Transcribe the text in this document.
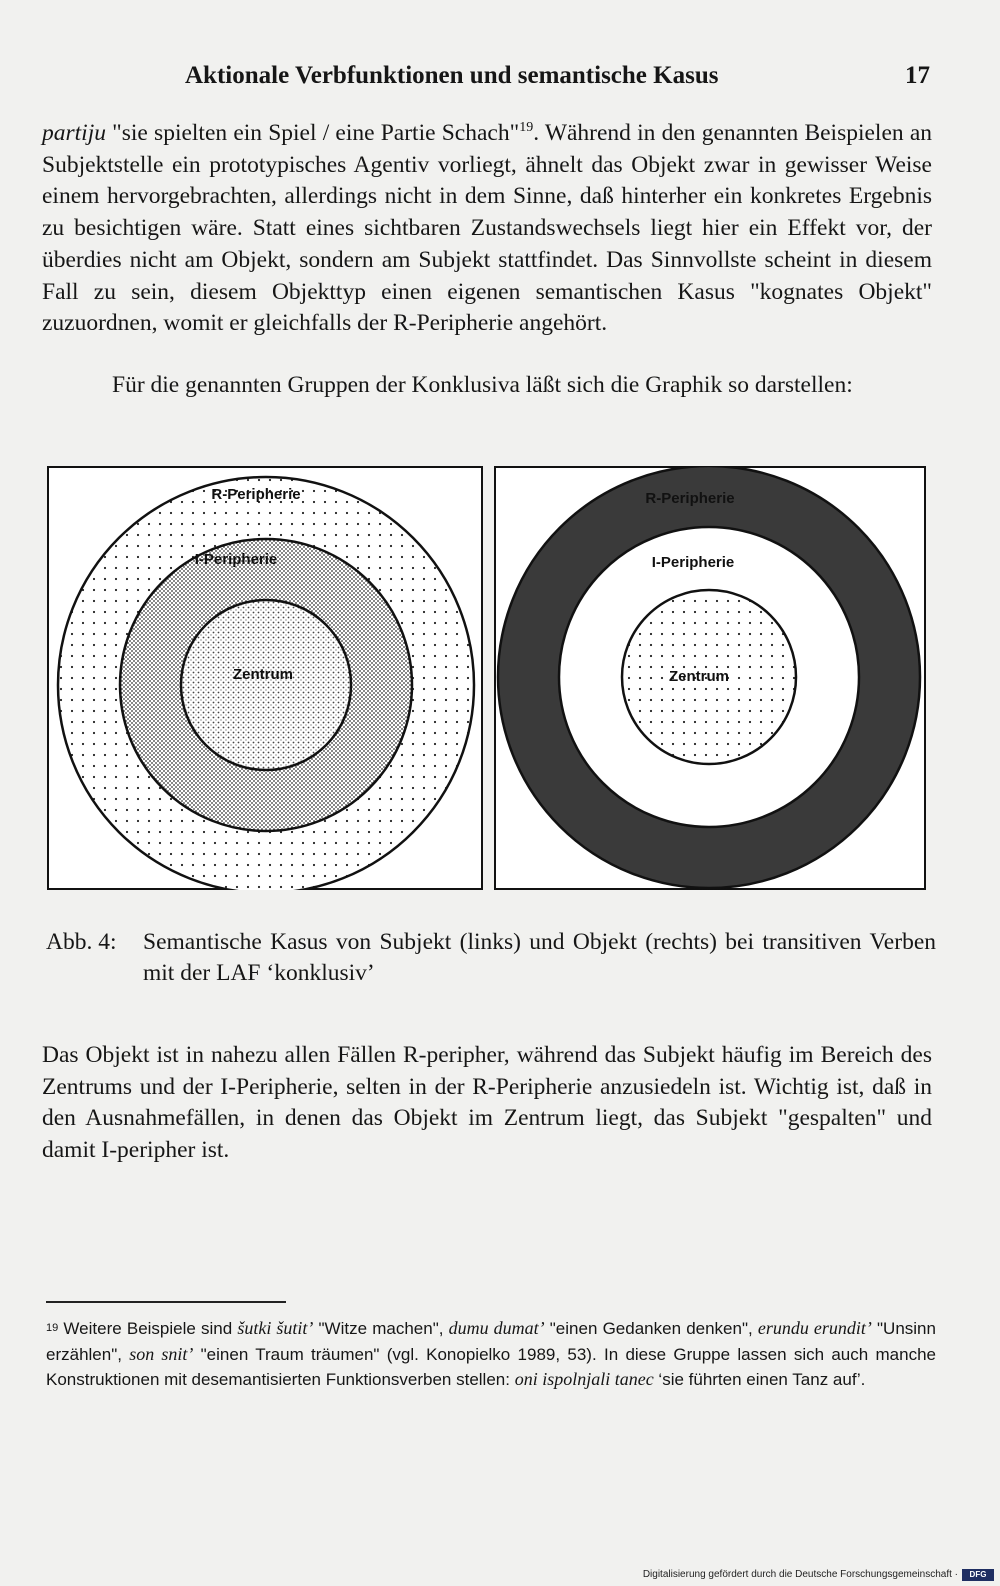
Aktionale Verbfunktionen und semantische Kasus	17

partiju "sie spielten ein Spiel / eine Partie Schach"$^{19}$. Während in den genannten Beispielen an Subjektstelle ein prototypisches Agentiv vorliegt, ähnelt das Objekt zwar in gewisser Weise einem hervorgebrachten, allerdings nicht in dem Sinne, daß hinterher ein konkretes Ergebnis zu besichtigen wäre. Statt eines sichtbaren Zustandswechsels liegt hier ein Effekt vor, der überdies nicht am Objekt, sondern am Subjekt stattfindet. Das Sinnvollste scheint in diesem Fall zu sein, diesem Objekttyp einen eigenen semantischen Kasus "kognates Objekt" zuzuordnen, womit er gleichfalls der R-Peripherie angehört.

Für die genannten Gruppen der Konklusiva läßt sich die Graphik so darstellen:

R-Peripherie
I-Peripherie
Zentrum
R-Peripherie
I-Peripherie
Zentrum
Abb. 4: Semantische Kasus von Subjekt (links) und Objekt (rechts) bei transitiven Verben mit der LAF ‘konklusiv’

Das Objekt ist in nahezu allen Fällen R-peripher, während das Subjekt häufig im Bereich des Zentrums und der I-Peripherie, selten in der R-Peripherie anzusiedeln ist. Wichtig ist, daß in den Ausnahmefällen, in denen das Objekt im Zentrum liegt, das Subjekt "gespalten" und damit I-peripher ist.

$^{19}$ Weitere Beispiele sind šutki šutit’ "Witze machen", dumu dumat’ "einen Gedanken denken", erundu erundit’ "Unsinn erzählen", son snit’ "einen Traum träumen" (vgl. Konopielko 1989, 53). In diese Gruppe lassen sich auch manche Konstruktionen mit desemantisierten Funktionsverben stellen: oni ispolnjali tanec ‘sie führten einen Tanz auf’.

Digitalisierung gefördert durch die Deutsche Forschungsgemeinschaft ·	DFG
